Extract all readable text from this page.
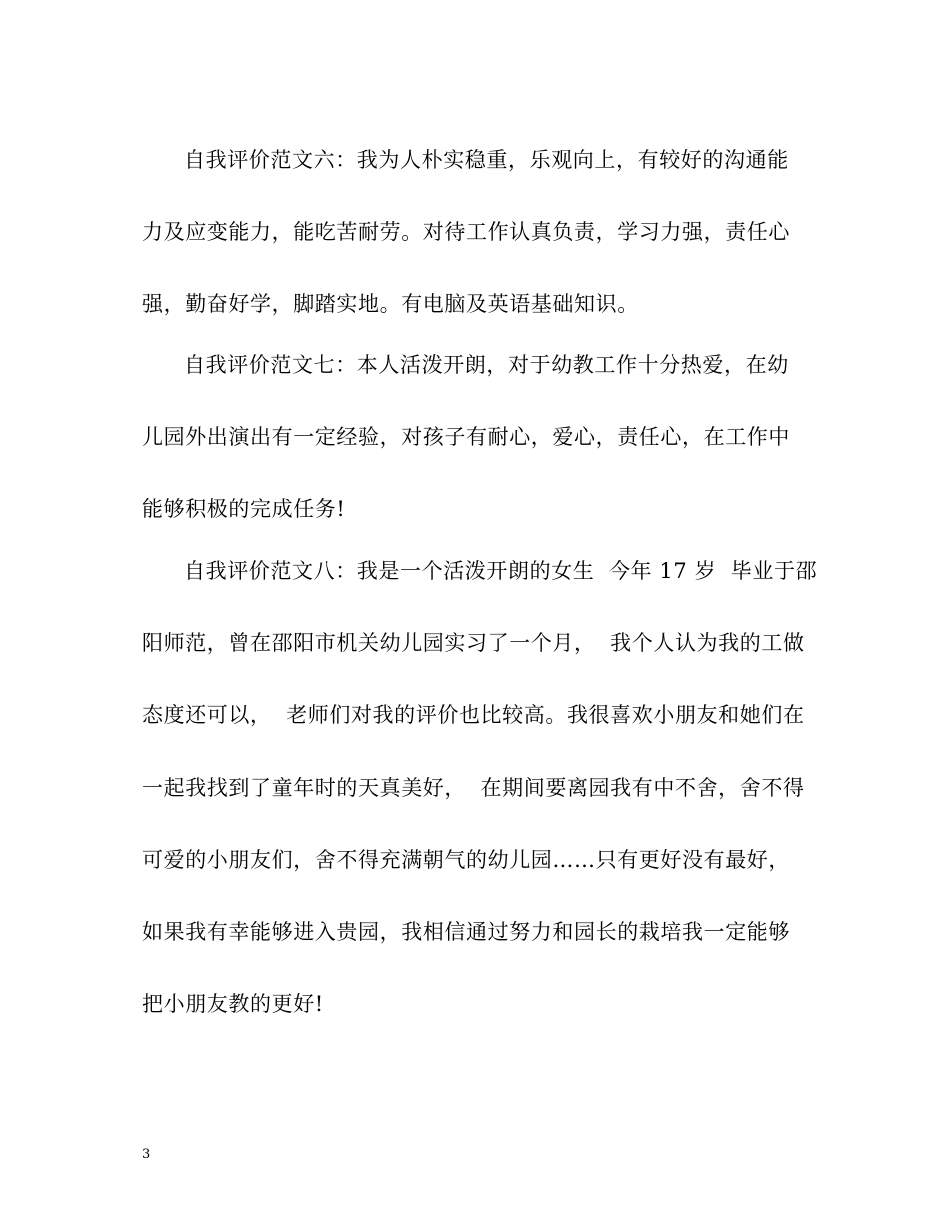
自我评价范文六：我为人朴实稳重，乐观向上，有较好的沟通能
力及应变能力，能吃苦耐劳。对待工作认真负责，学习力强，责任心
强，勤奋好学，脚踏实地。有电脑及英语基础知识。
自我评价范文七：本人活泼开朗，对于幼教工作十分热爱，在幼
儿园外出演出有一定经验，对孩子有耐心，爱心，责任心，在工作中
能够积极的完成任务!
自我评价范文八：我是一个活泼开朗的女生  今年 17 岁  毕业于邵
阳师范，曾在邵阳市机关幼儿园实习了一个月，  我个人认为我的工做
态度还可以，  老师们对我的评价也比较高。我很喜欢小朋友和她们在
一起我找到了童年时的天真美好，  在期间要离园我有中不舍，舍不得
可爱的小朋友们，舍不得充满朝气的幼儿园……只有更好没有最好，
如果我有幸能够进入贵园，我相信通过努力和园长的栽培我一定能够
把小朋友教的更好!
3
